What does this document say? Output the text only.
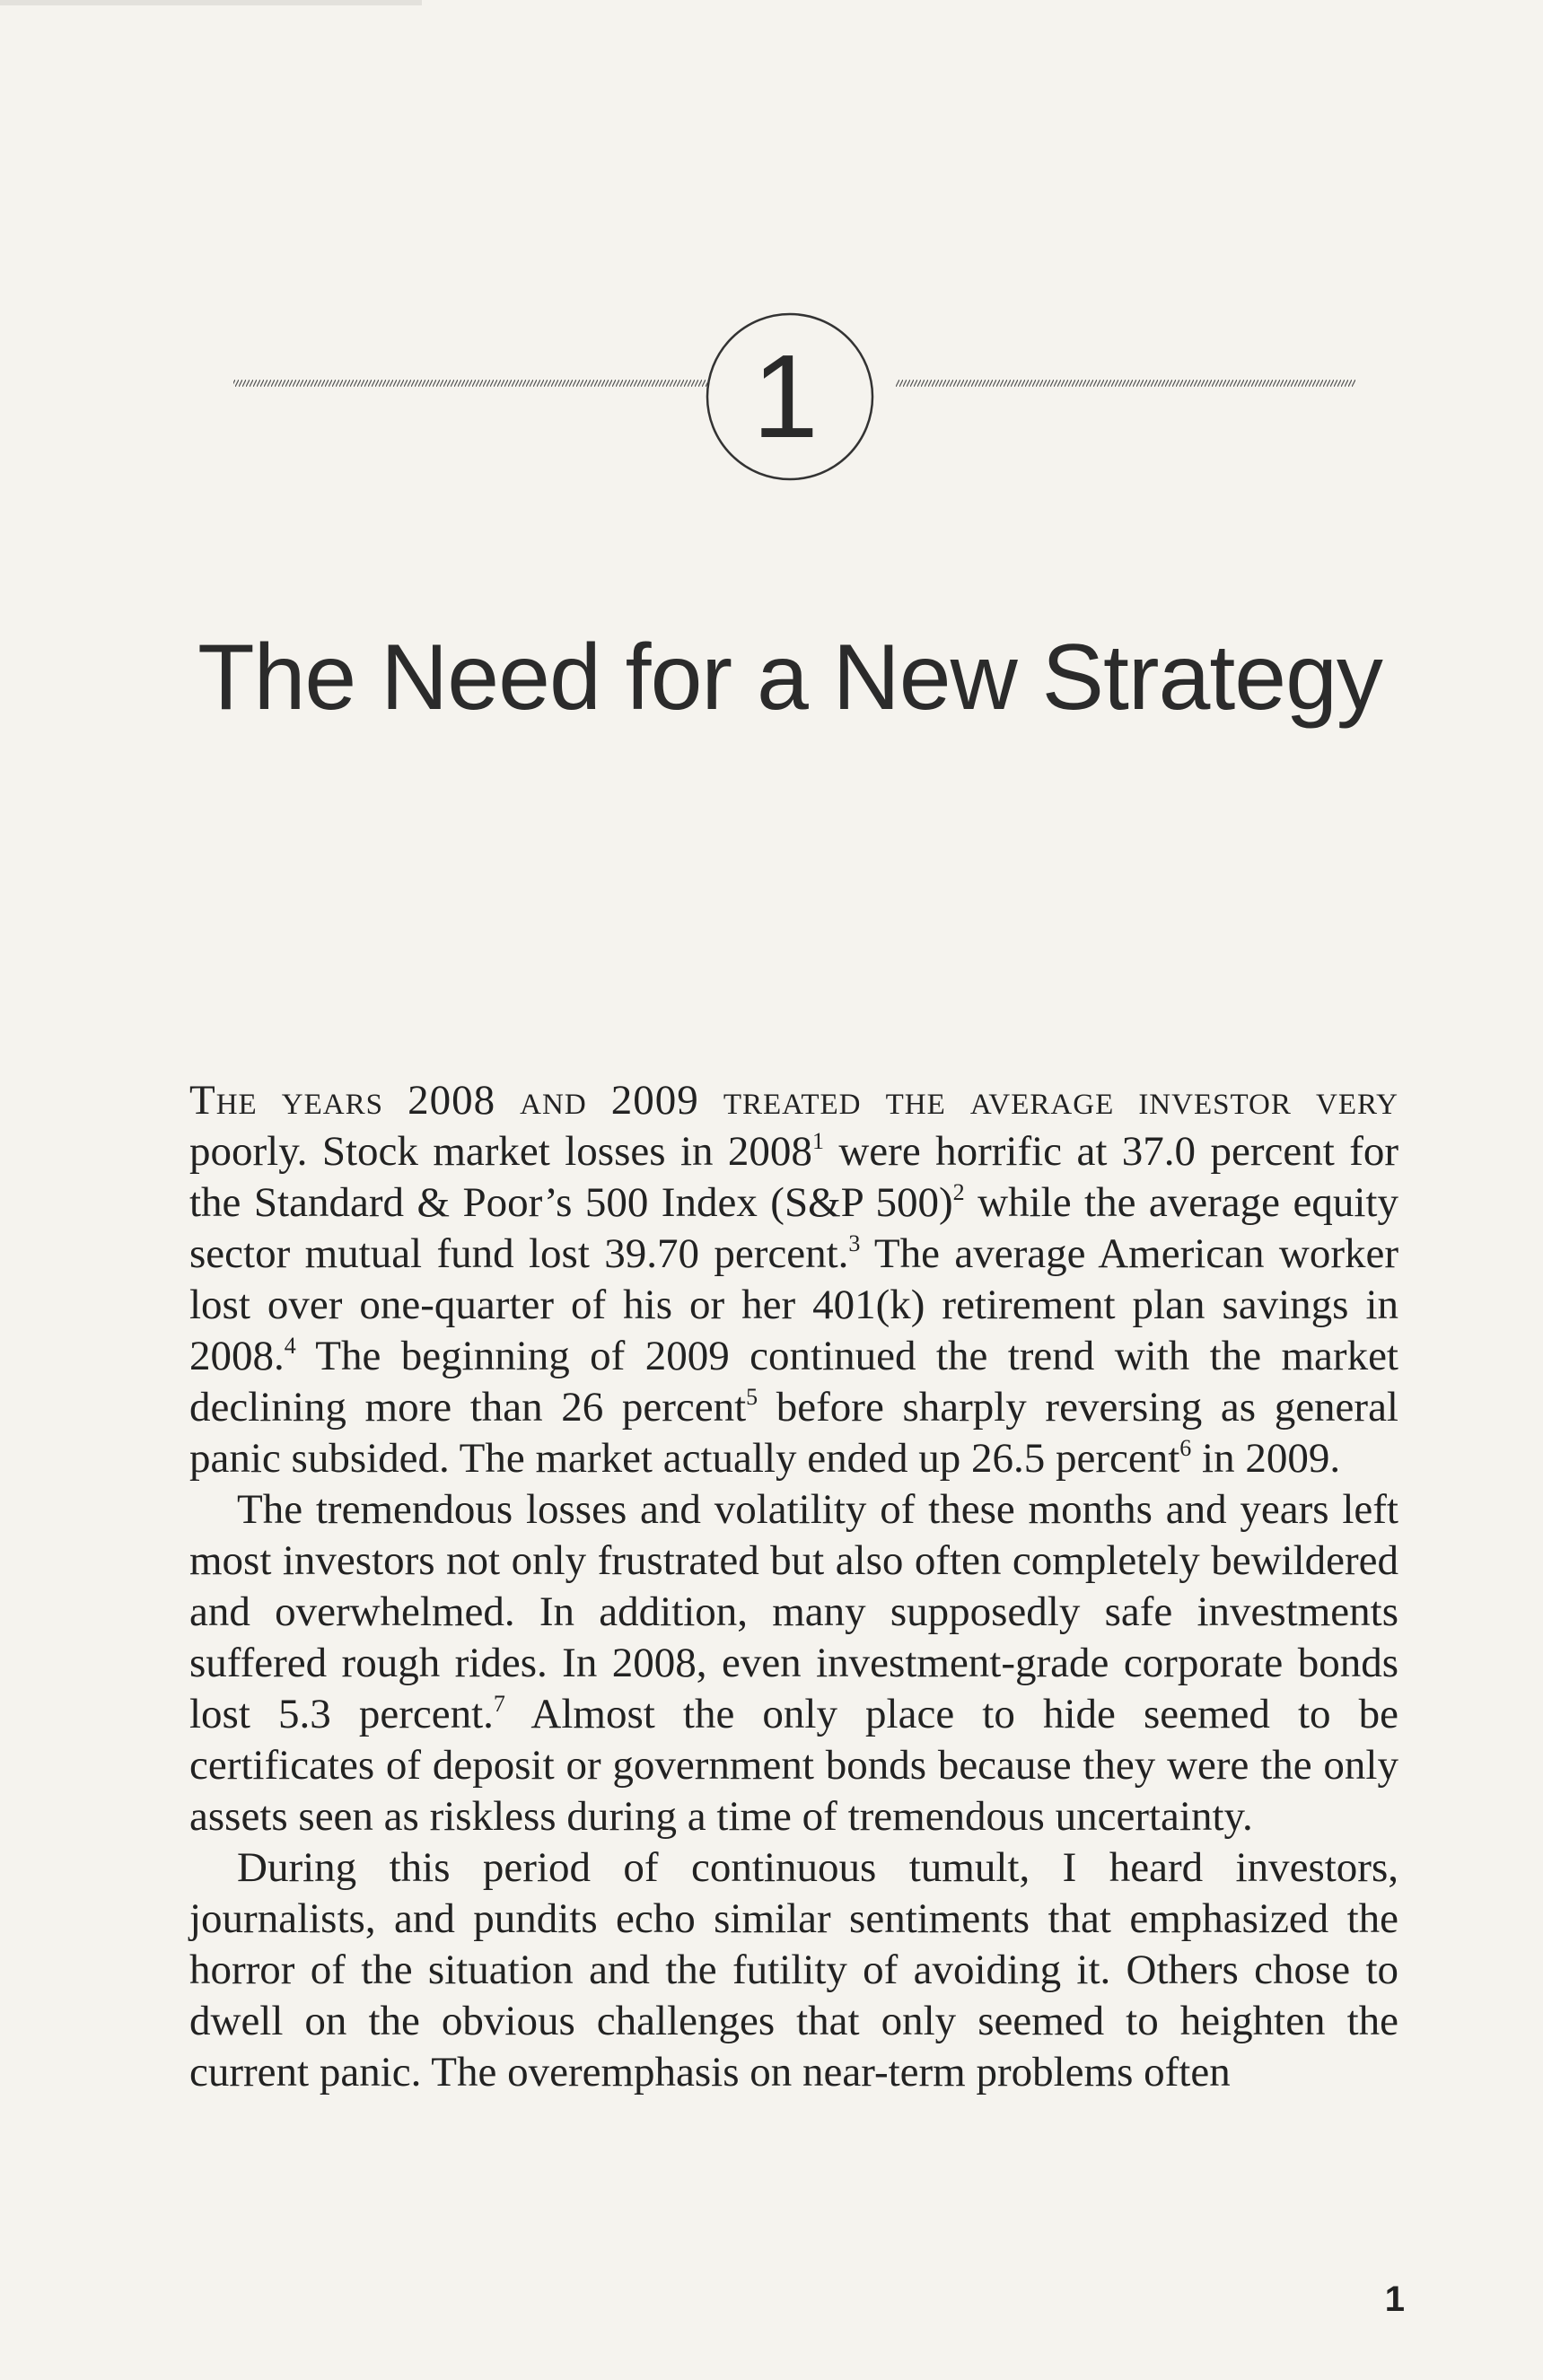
1
The Need for a New Strategy

The years 2008 and 2009 treated the average investor very poorly. Stock market losses in 2008$^1$ were horrific at 37.0 percent for the Standard & Poor’s 500 Index (S&P 500)$^2$ while the average equity sector mutual fund lost 39.70 percent.$^3$ The average American worker lost over one-quarter of his or her 401(k) retirement plan savings in 2008.$^4$ The beginning of 2009 continued the trend with the market declining more than 26 percent$^5$ before sharply reversing as general panic subsided. The market actually ended up 26.5 percent$^6$ in 2009.

The tremendous losses and volatility of these months and years left most investors not only frustrated but also often completely bewildered and overwhelmed. In addition, many supposedly safe investments suffered rough rides. In 2008, even investment-grade corporate bonds lost 5.3 percent.$^7$ Almost the only place to hide seemed to be certificates of deposit or government bonds because they were the only assets seen as riskless during a time of tremendous uncertainty.

During this period of continuous tumult, I heard investors, journalists, and pundits echo similar sentiments that emphasized the horror of the situation and the futility of avoiding it. Others chose to dwell on the obvious challenges that only seemed to heighten the current panic. The overemphasis on near-term problems often

1
